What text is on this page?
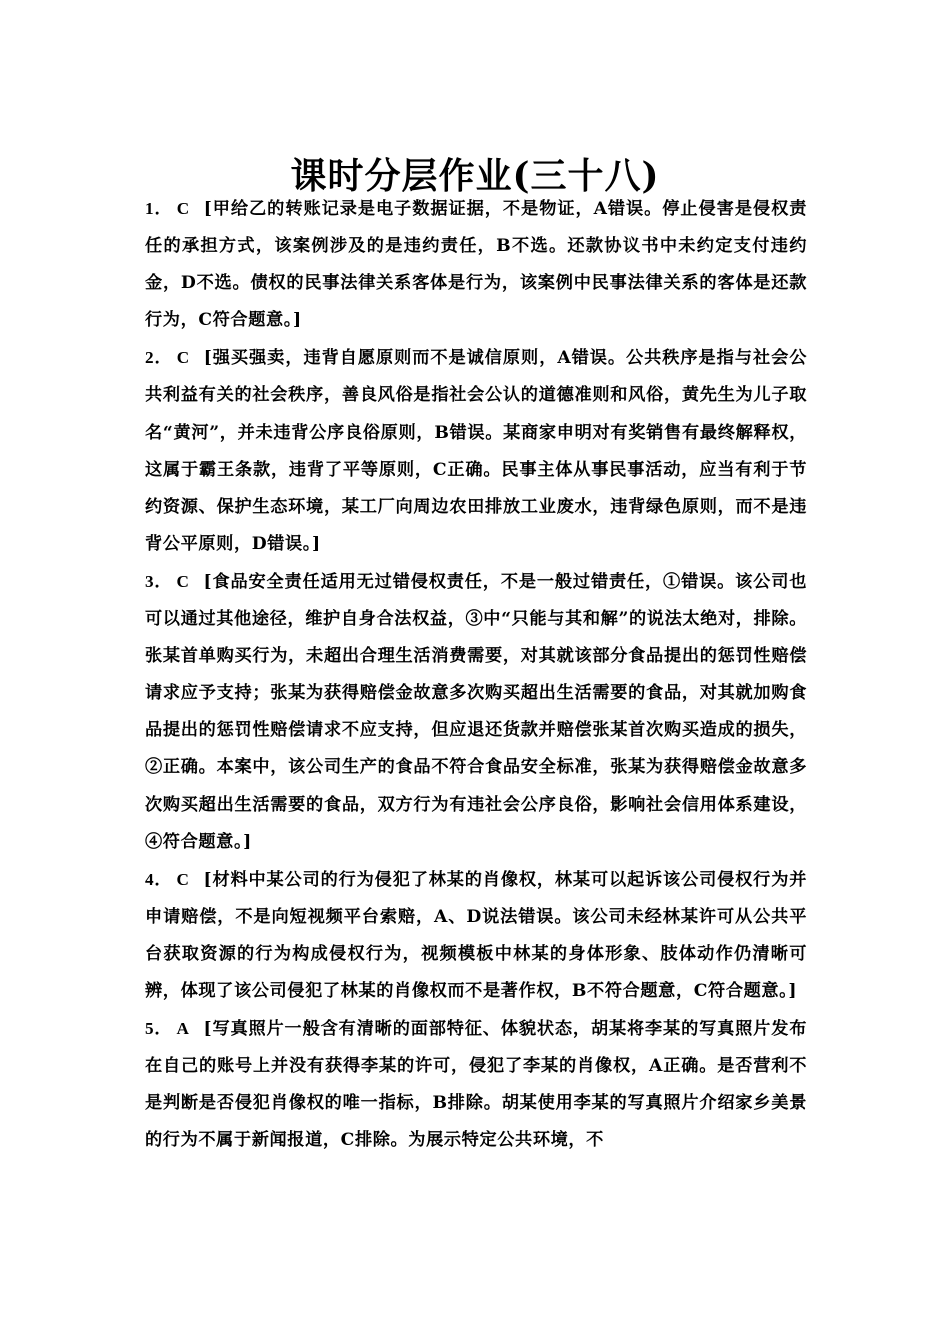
课时分层作业(三十八)

1． C [甲给乙的转账记录是电子数据证据，不是物证，A错误。停止侵害是侵权责任的承担方式，该案例涉及的是违约责任，B不选。还款协议书中未约定支付违约金，D不选。债权的民事法律关系客体是行为，该案例中民事法律关系的客体是还款行为，C符合题意。]

2． C [强买强卖，违背自愿原则而不是诚信原则，A错误。公共秩序是指与社会公共利益有关的社会秩序，善良风俗是指社会公认的道德准则和风俗，黄先生为儿子取名“黄河”，并未违背公序良俗原则，B错误。某商家申明对有奖销售有最终解释权，这属于霸王条款，违背了平等原则，C正确。民事主体从事民事活动，应当有利于节约资源、保护生态环境，某工厂向周边农田排放工业废水，违背绿色原则，而不是违背公平原则，D错误。]

3． C [食品安全责任适用无过错侵权责任，不是一般过错责任，①错误。该公司也可以通过其他途径，维护自身合法权益，③中“只能与其和解”的说法太绝对，排除。张某首单购买行为，未超出合理生活消费需要，对其就该部分食品提出的惩罚性赔偿请求应予支持；张某为获得赔偿金故意多次购买超出生活需要的食品，对其就加购食品提出的惩罚性赔偿请求不应支持，但应退还货款并赔偿张某首次购买造成的损失，②正确。本案中，该公司生产的食品不符合食品安全标准，张某为获得赔偿金故意多次购买超出生活需要的食品，双方行为有违社会公序良俗，影响社会信用体系建设，④符合题意。]

4． C [材料中某公司的行为侵犯了林某的肖像权，林某可以起诉该公司侵权行为并申请赔偿，不是向短视频平台索赔，A、D说法错误。该公司未经林某许可从公共平台获取资源的行为构成侵权行为，视频模板中林某的身体形象、肢体动作仍清晰可辨，体现了该公司侵犯了林某的肖像权而不是著作权，B不符合题意，C符合题意。]

5． A [写真照片一般含有清晰的面部特征、体貌状态，胡某将李某的写真照片发布在自己的账号上并没有获得李某的许可，侵犯了李某的肖像权，A正确。是否营利不是判断是否侵犯肖像权的唯一指标，B排除。胡某使用李某的写真照片介绍家乡美景的行为不属于新闻报道，C排除。为展示特定公共环境，不
